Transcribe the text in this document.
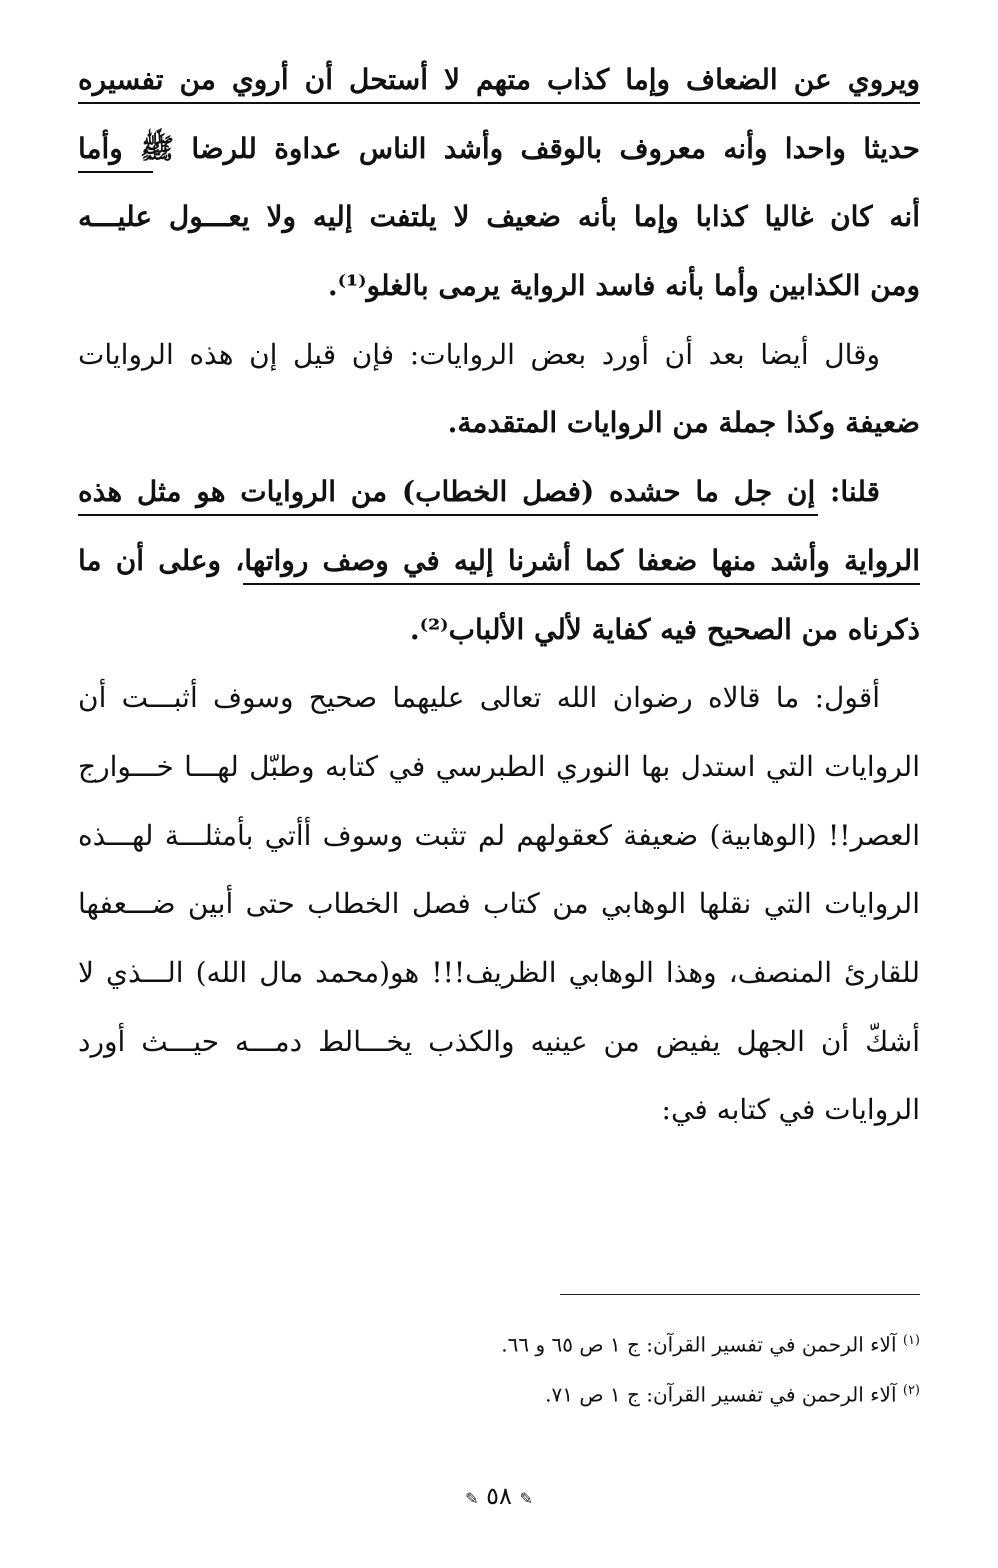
ويروي عن الضعاف وإما كذاب متهم لا أستحل أن أروي من تفسيره
حديثا واحدا وأنه معروف بالوقف وأشد الناس عداوة للرضا ﷺ وأما
أنه كان غاليا كذابا وإما بأنه ضعيف لا يلتفت إليه ولا يعـــول عليـــه
ومن الكذابين وأما بأنه فاسد الرواية يرمى بالغلو⁽¹⁾.
وقال أيضا بعد أن أورد بعض الروايات: فإن قيل إن هذه الروايات
ضعيفة وكذا جملة من الروايات المتقدمة.
قلنا: إن جل ما حشده (فصل الخطاب) من الروايات هو مثل هذه
الرواية وأشد منها ضعفا كما أشرنا إليه في وصف رواتها، وعلى أن ما
ذكرناه من الصحيح فيه كفاية لألي الألباب⁽²⁾.
أقول: ما قالاه رضوان الله تعالى عليهما صحيح وسوف أثبـــت أن
الروايات التي استدل بها النوري الطبرسي في كتابه وطبّل لهـــا خـــوارج
العصر!! (الوهابية) ضعيفة كعقولهم لم تثبت وسوف أأتي بأمثلـــة لهـــذه
الروايات التي نقلها الوهابي من كتاب فصل الخطاب حتى أبين ضـــعفها
للقارئ المنصف، وهذا الوهابي الظريف!!! هو(محمد مال الله) الـــذي لا
أشكّ أن الجهل يفيض من عينيه والكذب يخـــالط دمـــه حيـــث أورد
الروايات في كتابه في:
$^{(١)}$ آلاء الرحمن في تفسير القرآن: ج ١ ص ٦٥ و ٦٦.
$^{(٢)}$ آلاء الرحمن في تفسير القرآن: ج ١ ص ٧١.
✎ ٥٨ ✎
